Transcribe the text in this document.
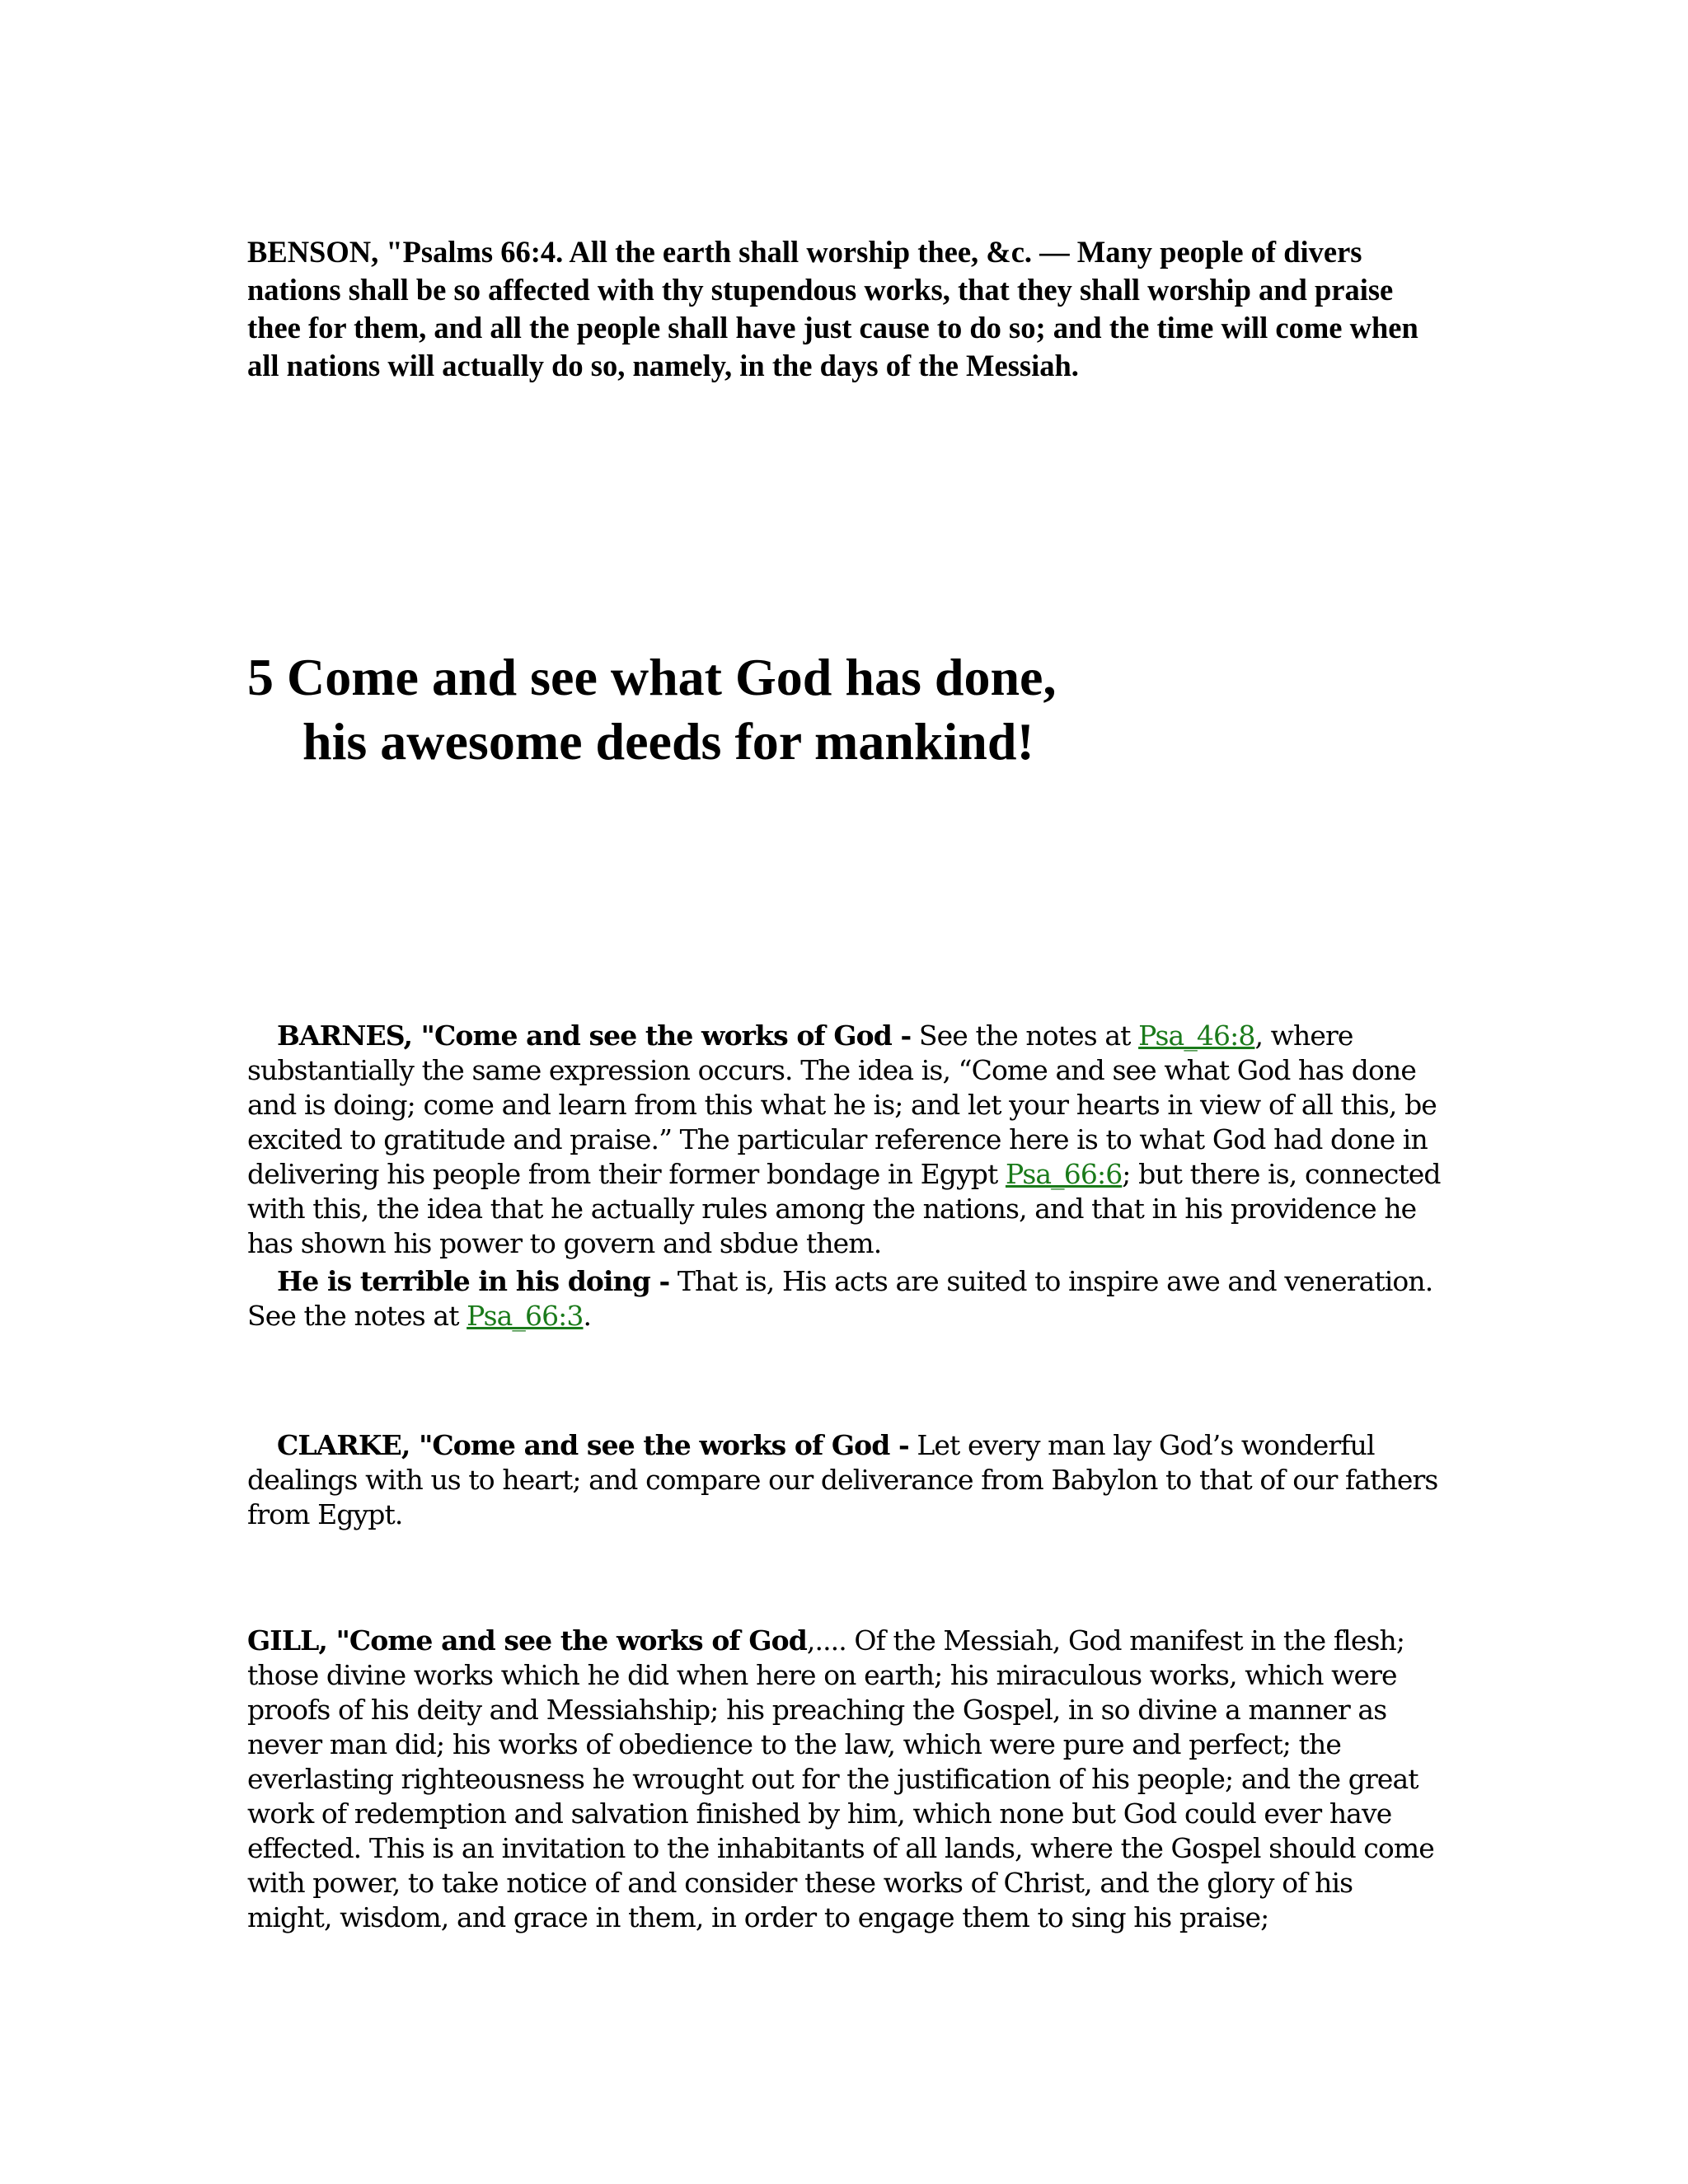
BENSON, "Psalms 66:4. All the earth shall worship thee, &c. — Many people of divers nations shall be so affected with thy stupendous works, that they shall worship and praise thee for them, and all the people shall have just cause to do so; and the time will come when all nations will actually do so, namely, in the days of the Messiah.
5 Come and see what God has done,
his awesome deeds for mankind!

BARNES, "Come and see the works of God - See the notes at Psa_46:8, where substantially the same expression occurs. The idea is, “Come and see what God has done and is doing; come and learn from this what he is; and let your hearts in view of all this, be excited to gratitude and praise.” The particular reference here is to what God had done in delivering his people from their former bondage in Egypt Psa_66:6; but there is, connected with this, the idea that he actually rules among the nations, and that in his providence he has shown his power to govern and sbdue them.

He is terrible in his doing - That is, His acts are suited to inspire awe and veneration. See the notes at Psa_66:3.

CLARKE, "Come and see the works of God - Let every man lay God’s wonderful dealings with us to heart; and compare our deliverance from Babylon to that of our fathers from Egypt.

GILL, "Come and see the works of God,.... Of the Messiah, God manifest in the flesh; those divine works which he did when here on earth; his miraculous works, which were proofs of his deity and Messiahship; his preaching the Gospel, in so divine a manner as never man did; his works of obedience to the law, which were pure and perfect; the everlasting righteousness he wrought out for the justification of his people; and the great work of redemption and salvation finished by him, which none but God could ever have effected. This is an invitation to the inhabitants of all lands, where the Gospel should come with power, to take notice of and consider these works of Christ, and the glory of his might, wisdom, and grace in them, in order to engage them to sing his praise;
